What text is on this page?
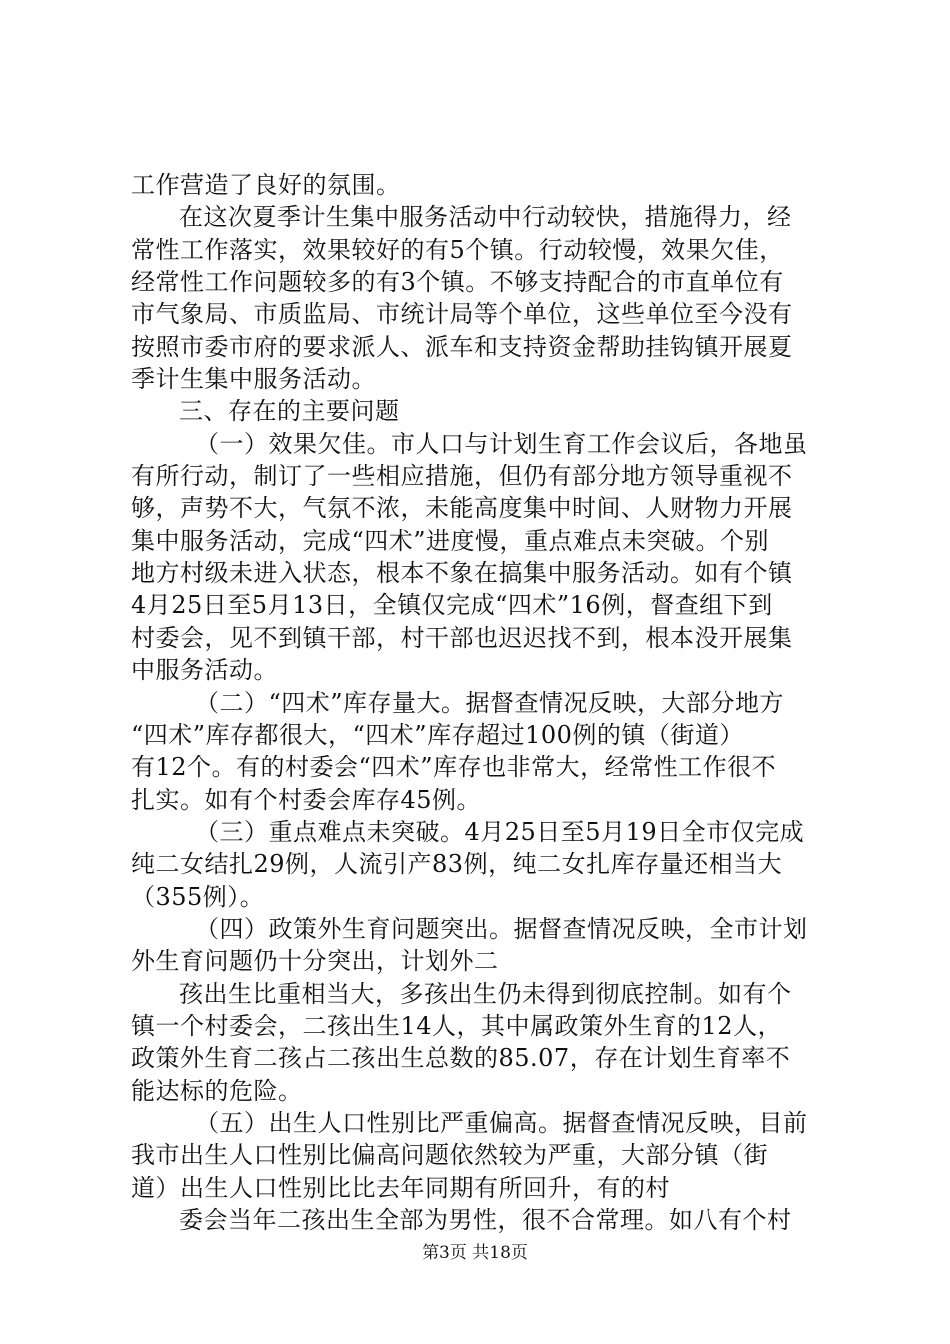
工作营造了良好的氛围。
在这次夏季计生集中服务活动中行动较快，措施得力，经
常性工作落实，效果较好的有5个镇。行动较慢，效果欠佳，
经常性工作问题较多的有3个镇。不够支持配合的市直单位有
市气象局、市质监局、市统计局等个单位，这些单位至今没有
按照市委市府的要求派人、派车和支持资金帮助挂钩镇开展夏
季计生集中服务活动。
三、存在的主要问题
（一）效果欠佳。市人口与计划生育工作会议后，各地虽
有所行动，制订了一些相应措施，但仍有部分地方领导重视不
够，声势不大，气氛不浓，未能高度集中时间、人财物力开展
集中服务活动，完成“四术”进度慢，重点难点未突破。个别
地方村级未进入状态，根本不象在搞集中服务活动。如有个镇
4月25日至5月13日，全镇仅完成“四术”16例，督查组下到
村委会，见不到镇干部，村干部也迟迟找不到，根本没开展集
中服务活动。
（二）“四术”库存量大。据督查情况反映，大部分地方
“四术”库存都很大，“四术”库存超过100例的镇（街道）
有12个。有的村委会“四术”库存也非常大，经常性工作很不
扎实。如有个村委会库存45例。
（三）重点难点未突破。4月25日至5月19日全市仅完成
纯二女结扎29例，人流引产83例，纯二女扎库存量还相当大
（355例）。
（四）政策外生育问题突出。据督查情况反映，全市计划
外生育问题仍十分突出，计划外二
孩出生比重相当大，多孩出生仍未得到彻底控制。如有个
镇一个村委会，二孩出生14人，其中属政策外生育的12人，
政策外生育二孩占二孩出生总数的85.07，存在计划生育率不
能达标的危险。
（五）出生人口性别比严重偏高。据督查情况反映，目前
我市出生人口性别比偏高问题依然较为严重，大部分镇（街
道）出生人口性别比比去年同期有所回升，有的村
委会当年二孩出生全部为男性，很不合常理。如八有个村
第3页 共18页
